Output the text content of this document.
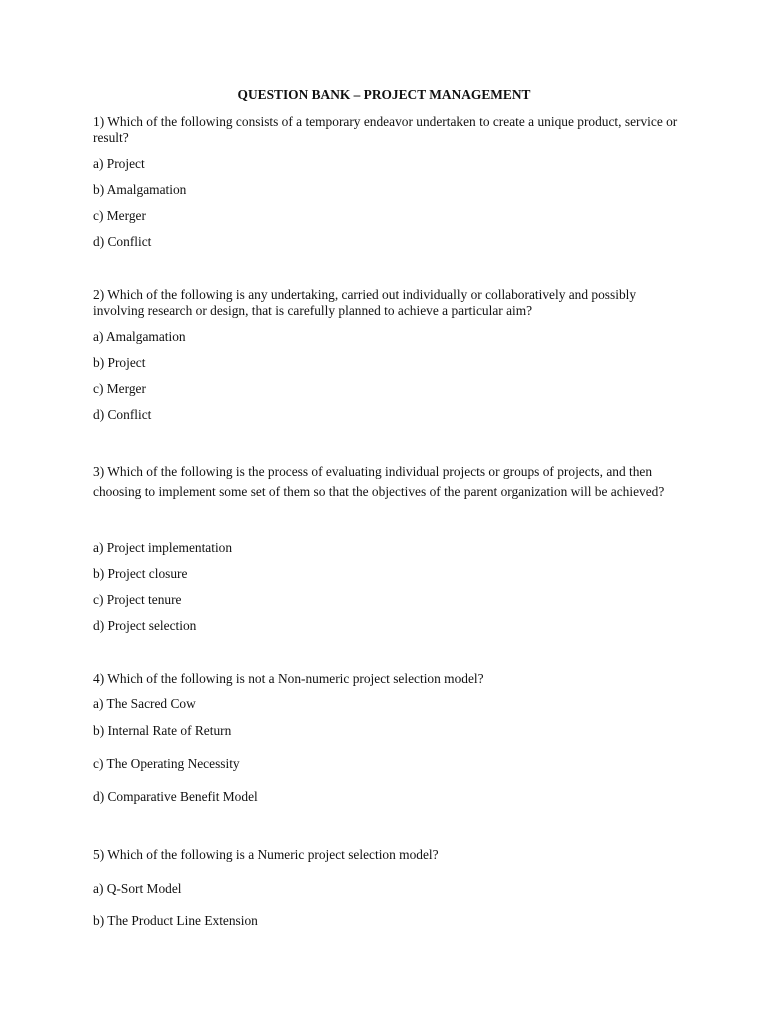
QUESTION BANK – PROJECT MANAGEMENT

1) Which of the following consists of a temporary endeavor undertaken to create a unique product, service or result?

a) Project

b) Amalgamation

c) Merger

d) Conflict

2) Which of the following is any undertaking, carried out individually or collaboratively and possibly involving research or design, that is carefully planned to achieve a particular aim?

a) Amalgamation

b) Project

c) Merger

d) Conflict

3) Which of the following is the process of evaluating individual projects or groups of projects, and then choosing to implement some set of them so that the objectives of the parent organization will be achieved?

a) Project implementation

b) Project closure

c) Project tenure

d) Project selection

4) Which of the following is not a Non-numeric project selection model?

a) The Sacred Cow

b) Internal Rate of Return

c) The Operating Necessity

d) Comparative Benefit Model

5) Which of the following is a Numeric project selection model?

a) Q-Sort Model

b) The Product Line Extension
